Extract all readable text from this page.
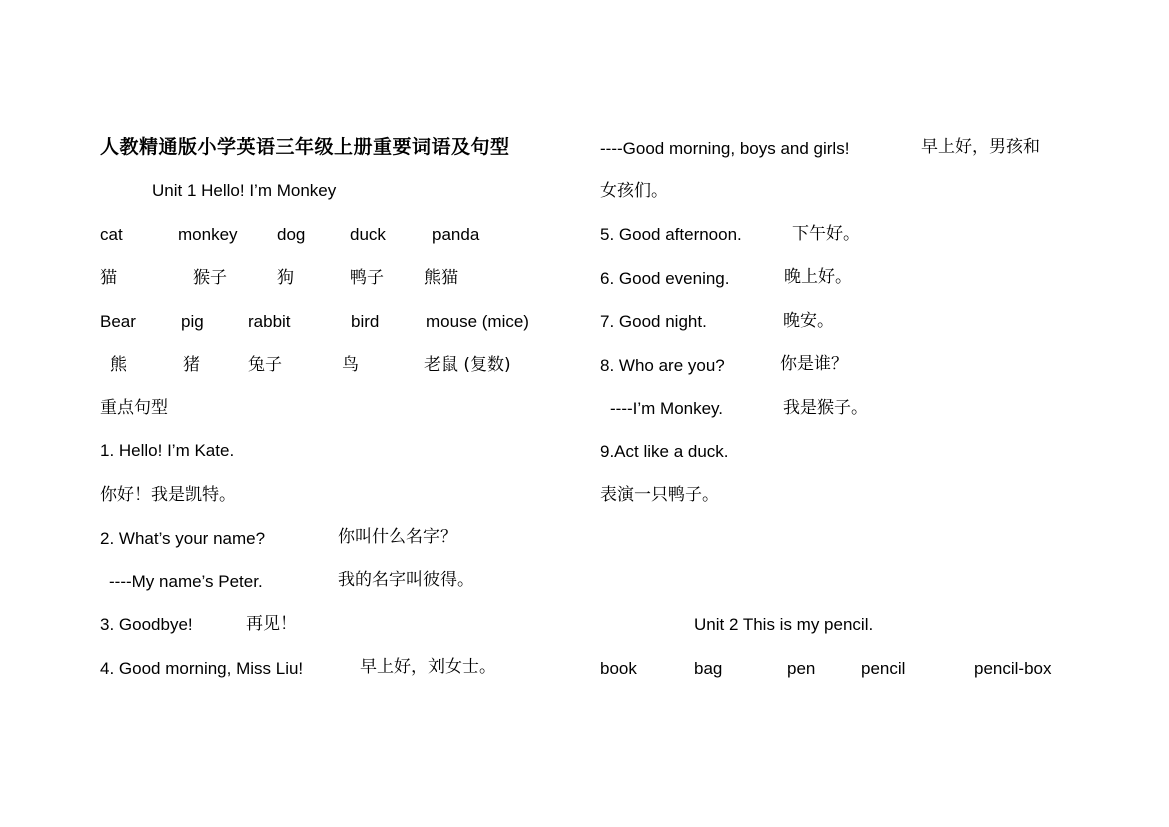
人教精通版小学英语三年级上册重要词语及句型
Unit 1 Hello! I’m Monkey
cat	monkey dog	duck	panda
猫	猴子	狗	鸭子 熊猫
Bear	pig	rabbit	bird	mouse (mice)
熊	猪	兔子	鸟	老鼠 (复数)
重点句型
1. Hello! I’m Kate.
你好！我是凯特。
2. What’s your name?	你叫什么名字？
----My name’s Peter.	我的名字叫彼得。
3. Goodbye!	再见！
4. Good morning, Miss Liu!	早上好，刘女士。
----Good morning, boys and girls!	早上好，男孩和
女孩们。
5. Good afternoon.	下午好。
6. Good evening.	晚上好。
7. Good night.	晚安。
8. Who are you?	你是谁？
----I’m Monkey.	我是猴子。
9.Act like a duck.
表演一只鸭子。
Unit 2 This is my pencil.
book	bag	pen	pencil	pencil-box
